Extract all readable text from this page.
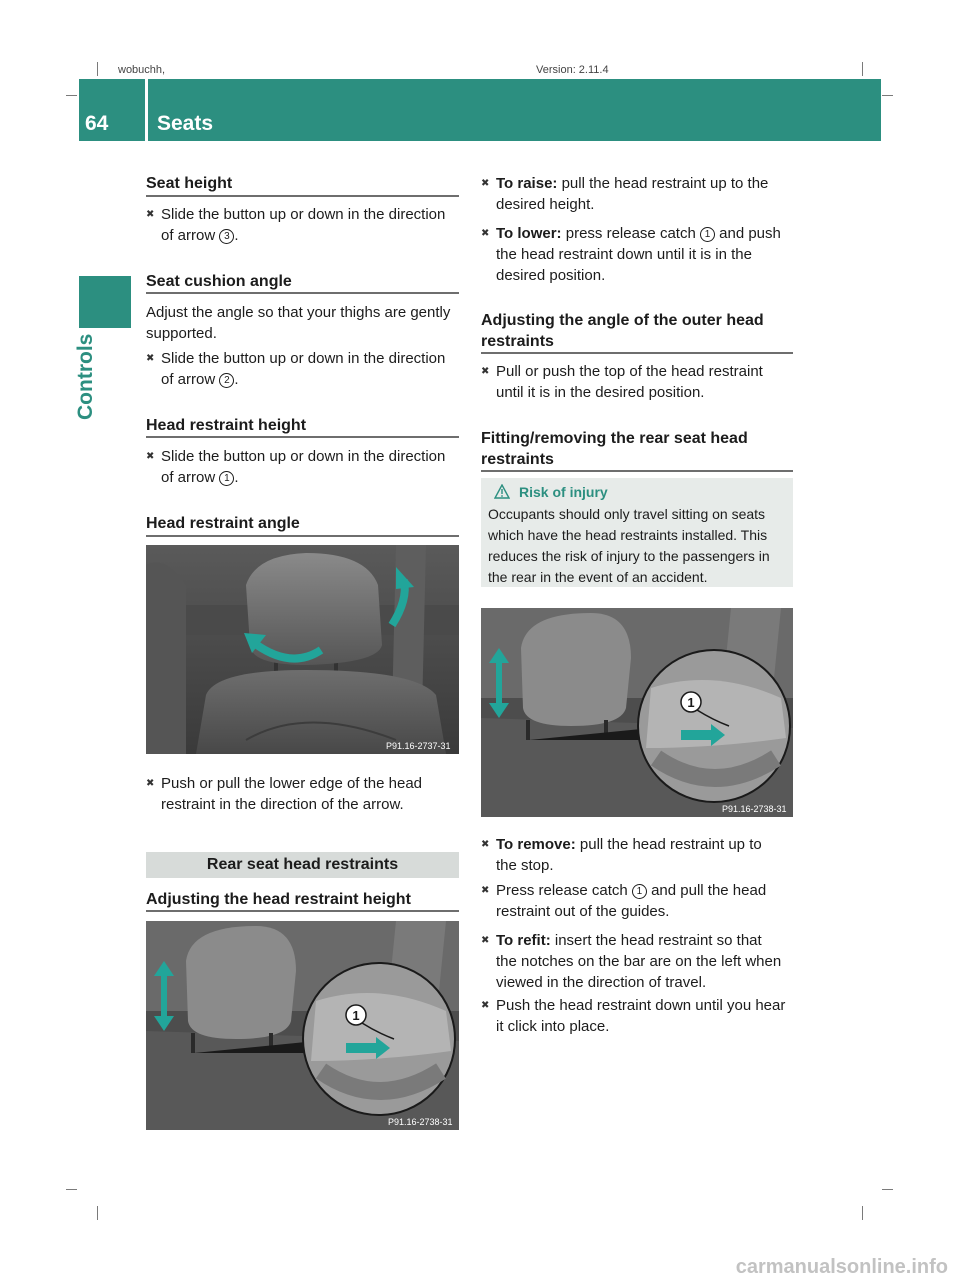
wobuchh,	Version: 2.11.4
64 Seats
Controls
Seat height
✖ Slide the button up or down in the direction
of arrow 3 .
Seat cushion angle
Adjust the angle so that your thighs are gently
supported.
✖ Slide the button up or down in the direction
of arrow 2 .
Head restraint height
✖ Slide the button up or down in the direction
of arrow 1 .
Head restraint angle
P91.16-2737-31
✖ Push or pull the lower edge of the head
restraint in the direction of the arrow.
Rear seat head restraints
Adjusting the head restraint height
1
P91.16-2738-31
✖ To raise: pull the head restraint up to the
desired height.
✖ To lower: press release catch 1 and push
the head restraint down until it is in the
desired position.
Adjusting the angle of the outer head
restraints
✖ Pull or push the top of the head restraint
until it is in the desired position.
Fitting/removing the rear seat head
restraints
Risk of injury
Occupants should only travel sitting on seats which have the head restraints installed. This reduces the risk of injury to the passengers in the rear in the event of an accident.
1
P91.16-2738-31
✖ To remove: pull the head restraint up to
the stop.
✖ Press release catch 1 and pull the head
restraint out of the guides.
✖ To refit: insert the head restraint so that
the notches on the bar are on the left when
viewed in the direction of travel.
✖ Push the head restraint down until you hear
it click into place.
carmanualsonline.info
